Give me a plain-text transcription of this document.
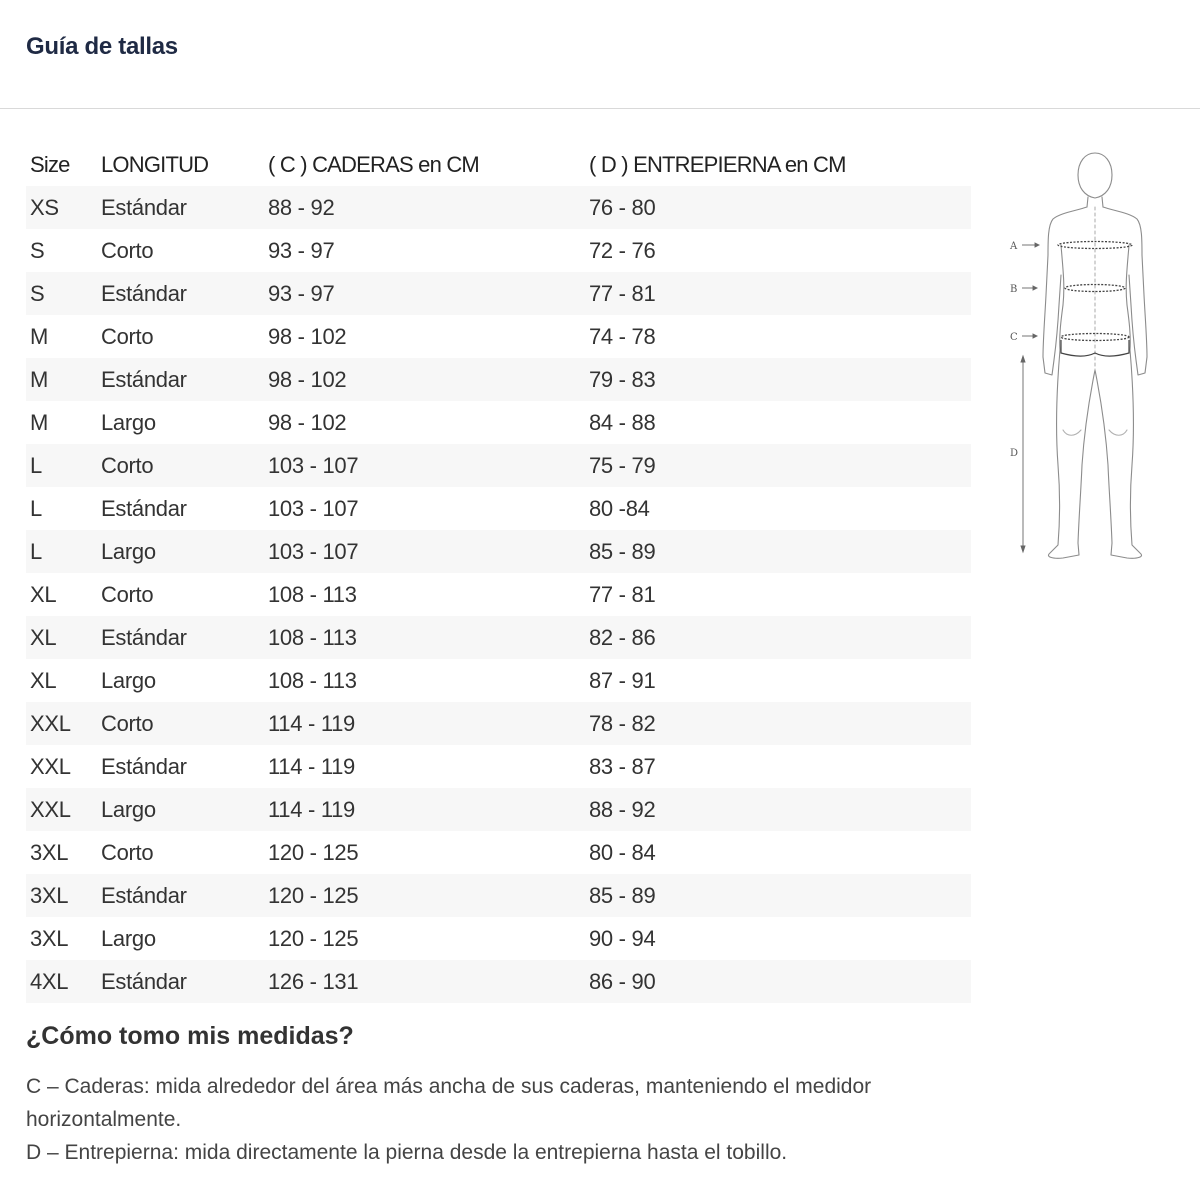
Guía de tallas
Size	LONGITUD	( C ) CADERAS en CM	( D ) ENTREPIERNA en CM
XS	Estándar	88 - 92	76 - 80
S	Corto	93 - 97	72 - 76
S	Estándar	93 - 97	77 - 81
M	Corto	98 - 102	74 - 78
M	Estándar	98 - 102	79 - 83
M	Largo	98 - 102	84 - 88
L	Corto	103 - 107	75 - 79
L	Estándar	103 - 107	80 -84
L	Largo	103 - 107	85 - 89
XL	Corto	108 - 113	77 - 81
XL	Estándar	108 - 113	82 - 86
XL	Largo	108 - 113	87 - 91
XXL	Corto	114 - 119	78 - 82
XXL	Estándar	114 - 119	83 - 87
XXL	Largo	114 - 119	88 - 92
3XL	Corto	120 - 125	80 - 84
3XL	Estándar	120 - 125	85 - 89
3XL	Largo	120 - 125	90 - 94
4XL	Estándar	126 - 131	86 - 90
A
B
C
D
¿Cómo tomo mis medidas?

C – Caderas: mida alrededor del área más ancha de sus caderas, manteniendo el medidor horizontalmente.

D – Entrepierna: mida directamente la pierna desde la entrepierna hasta el tobillo.
